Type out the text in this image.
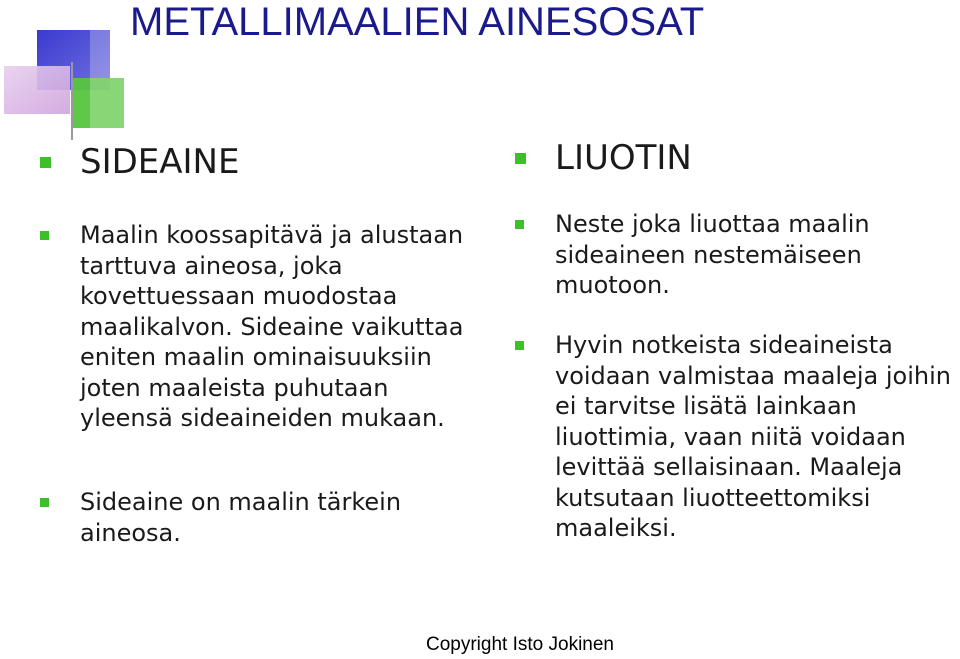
METALLIMAALIEN AINESOSAT
SIDEAINE
Maalin koossapitävä ja alustaan tarttuva aineosa, joka kovettuessaan muodostaa maalikalvon. Sideaine vaikuttaa eniten maalin ominaisuuksiin joten maaleista puhutaan yleensä sideaineiden mukaan.
Sideaine on maalin tärkein aineosa.
LIUOTIN
Neste joka liuottaa maalin sideaineen nestemäiseen muotoon.
Hyvin notkeista sideaineista voidaan valmistaa maaleja joihin ei tarvitse lisätä lainkaan liuottimia, vaan niitä voidaan levittää sellaisinaan. Maaleja kutsutaan liuotteettomiksi maaleiksi.
Copyright Isto Jokinen
